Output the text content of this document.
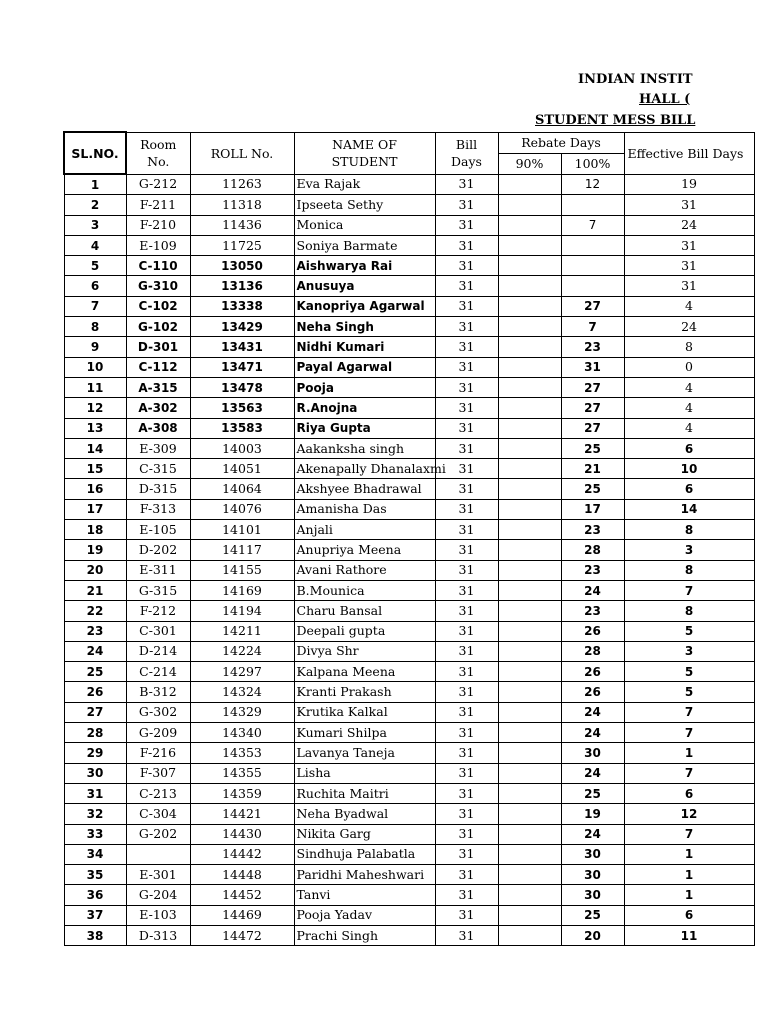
INDIAN INSTIT
HALL (
STUDENT MESS BILL
SL.NO.	Room No.	ROLL No.	NAME OF STUDENT	Bill Days	Rebate Days		Effective Bill Days
					90%	100%	
1	G-212	11263	Eva Rajak	31		12	19
2	F-211	11318	Ipseeta Sethy	31			31
3	F-210	11436	Monica	31		7	24
4	E-109	11725	Soniya Barmate	31			31
5	C-110	13050	Aishwarya Rai	31			31
6	G-310	13136	Anusuya	31			31
7	C-102	13338	Kanopriya Agarwal	31		27	4
8	G-102	13429	Neha Singh	31		7	24
9	D-301	13431	Nidhi Kumari	31		23	8
10	C-112	13471	Payal Agarwal	31		31	0
11	A-315	13478	Pooja	31		27	4
12	A-302	13563	R.Anojna	31		27	4
13	A-308	13583	Riya Gupta	31		27	4
14	E-309	14003	Aakanksha singh	31		25	6
15	C-315	14051	Akenapally Dhanalaxmi	31		21	10
16	D-315	14064	Akshyee Bhadrawal	31		25	6
17	F-313	14076	Amanisha Das	31		17	14
18	E-105	14101	Anjali	31		23	8
19	D-202	14117	Anupriya Meena	31		28	3
20	E-311	14155	Avani Rathore	31		23	8
21	G-315	14169	B.Mounica	31		24	7
22	F-212	14194	Charu Bansal	31		23	8
23	C-301	14211	Deepali gupta	31		26	5
24	D-214	14224	Divya Shr	31		28	3
25	C-214	14297	Kalpana Meena	31		26	5
26	B-312	14324	Kranti Prakash	31		26	5
27	G-302	14329	Krutika Kalkal	31		24	7
28	G-209	14340	Kumari Shilpa	31		24	7
29	F-216	14353	Lavanya Taneja	31		30	1
30	F-307	14355	Lisha	31		24	7
31	C-213	14359	Ruchita Maitri	31		25	6
32	C-304	14421	Neha Byadwal	31		19	12
33	G-202	14430	Nikita Garg	31		24	7
34		14442	Sindhuja Palabatla	31		30	1
35	E-301	14448	Paridhi Maheshwari	31		30	1
36	G-204	14452	Tanvi	31		30	1
37	E-103	14469	Pooja Yadav	31		25	6
38	D-313	14472	Prachi Singh	31		20	11
